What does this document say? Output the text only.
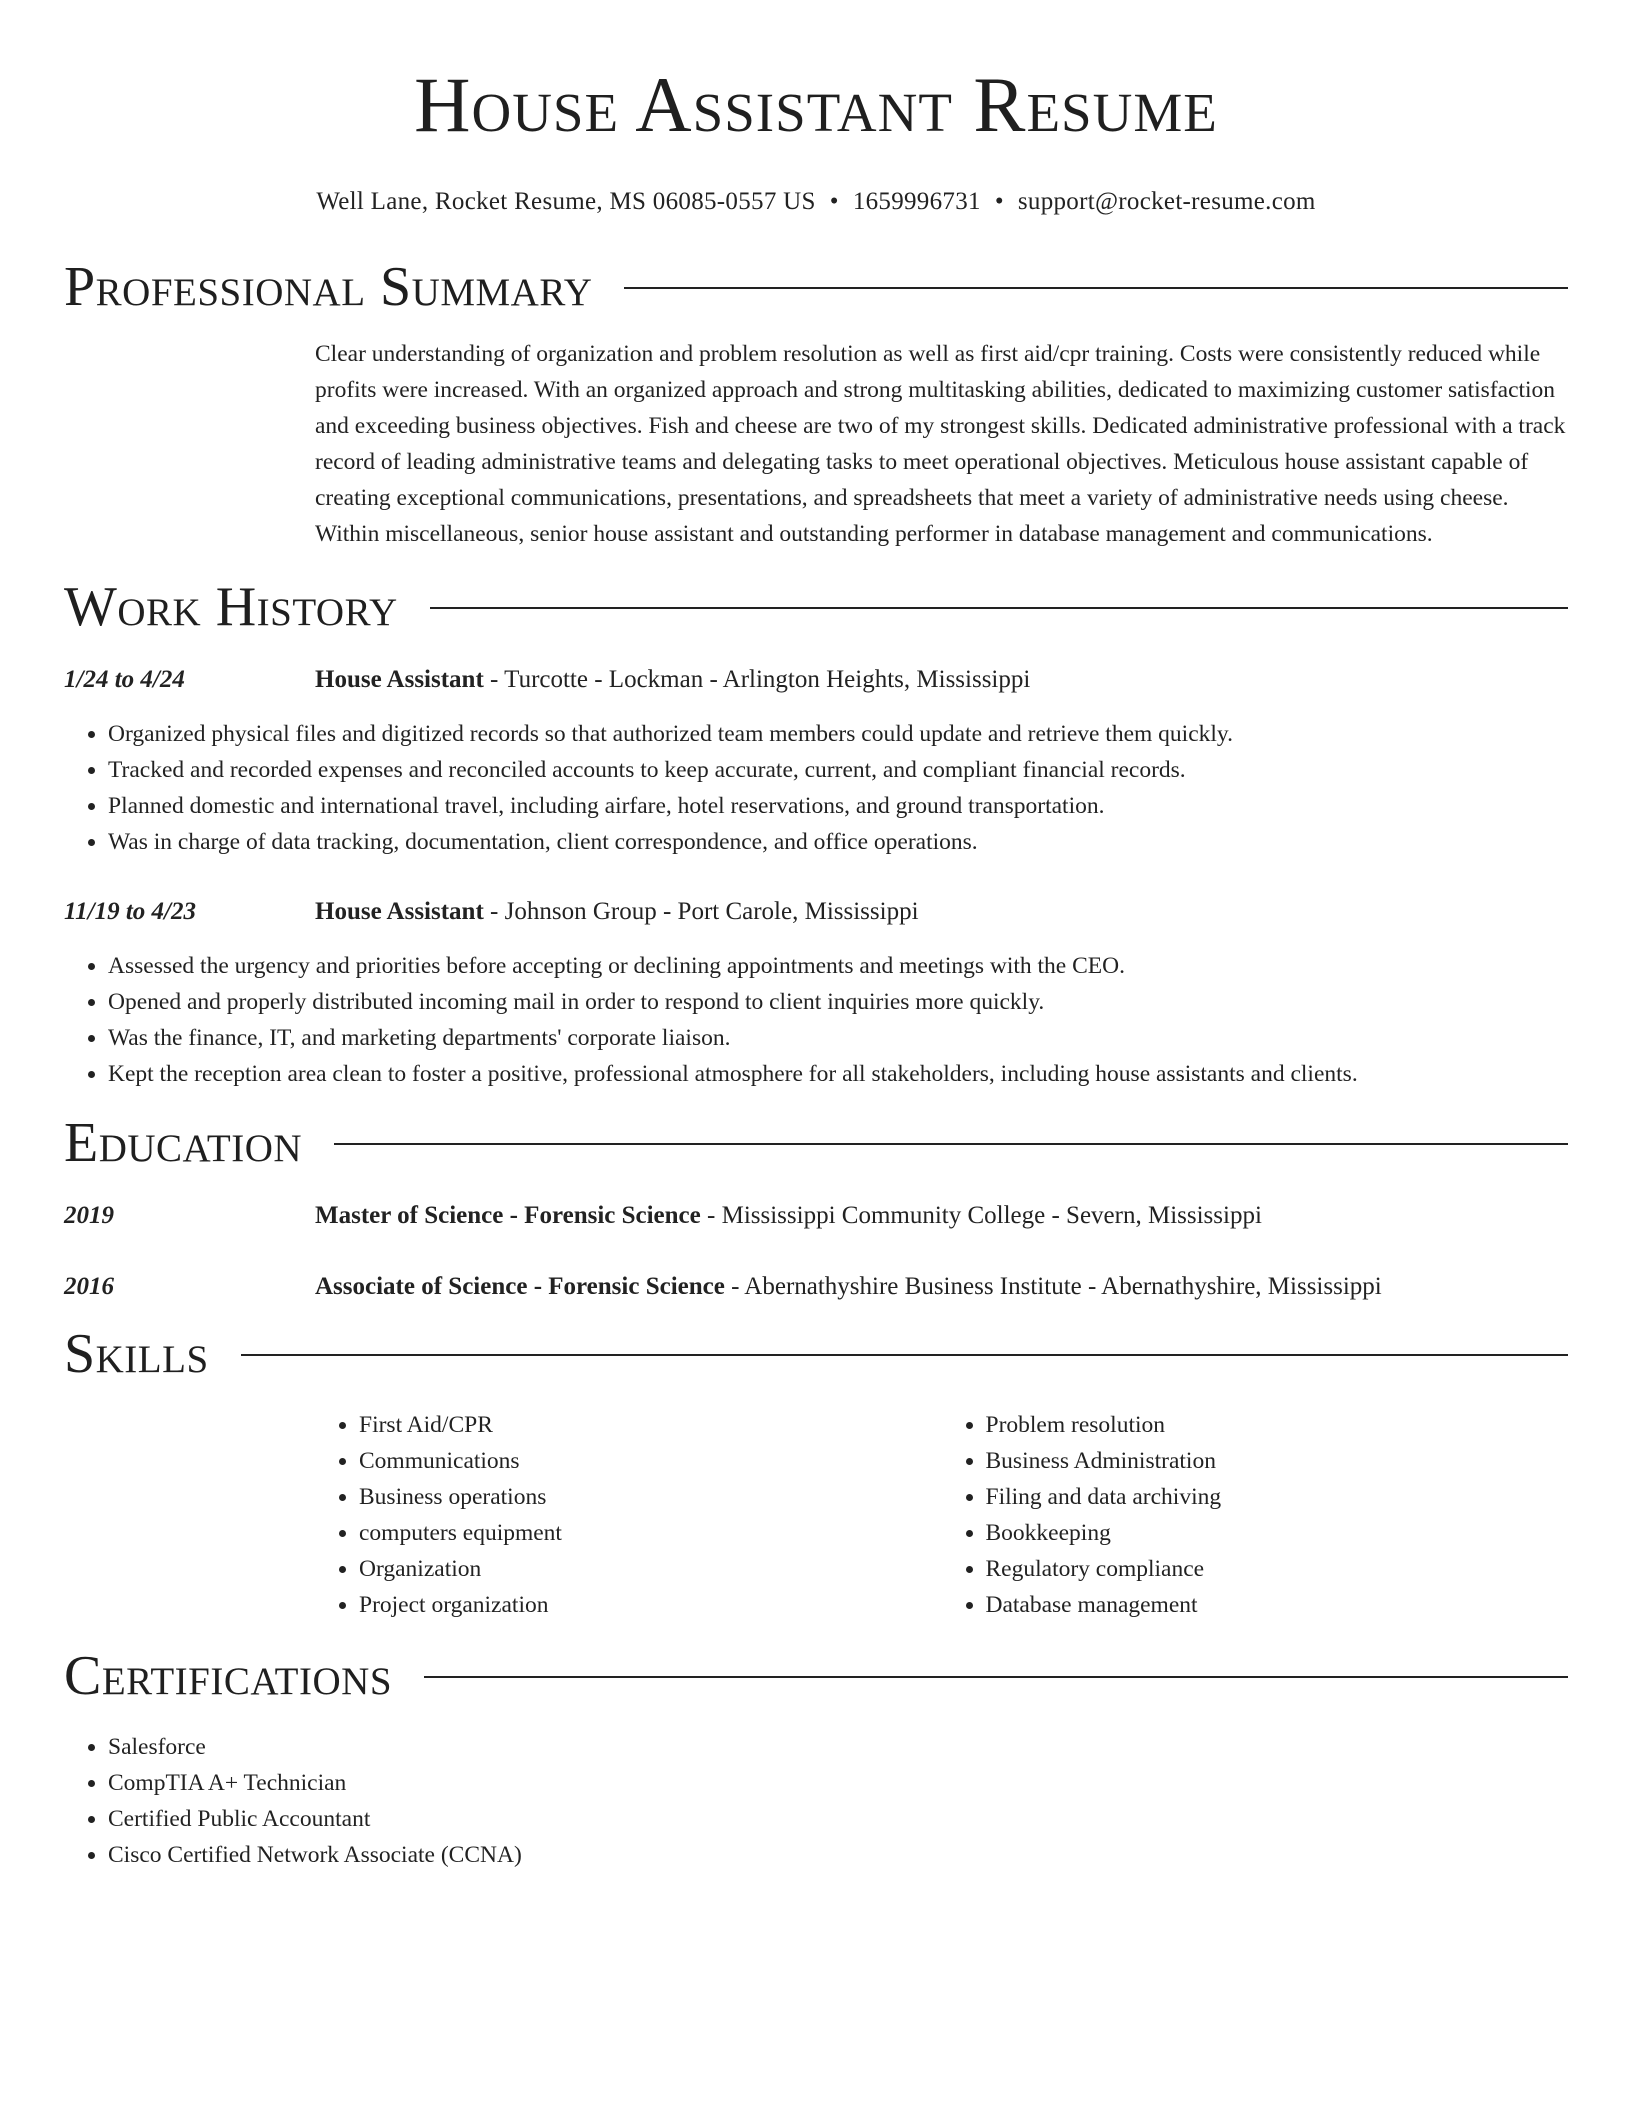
House Assistant Resume
Well Lane, Rocket Resume, MS 06085-0557 US • 1659996731 • support@rocket-resume.com
Professional Summary
Clear understanding of organization and problem resolution as well as first aid/cpr training. Costs were consistently reduced while profits were increased. With an organized approach and strong multitasking abilities, dedicated to maximizing customer satisfaction and exceeding business objectives. Fish and cheese are two of my strongest skills. Dedicated administrative professional with a track record of leading administrative teams and delegating tasks to meet operational objectives. Meticulous house assistant capable of creating exceptional communications, presentations, and spreadsheets that meet a variety of administrative needs using cheese. Within miscellaneous, senior house assistant and outstanding performer in database management and communications.
Work History
1/24 to 4/24	House Assistant - Turcotte - Lockman - Arlington Heights, Mississippi
• Organized physical files and digitized records so that authorized team members could update and retrieve them quickly.
• Tracked and recorded expenses and reconciled accounts to keep accurate, current, and compliant financial records.
• Planned domestic and international travel, including airfare, hotel reservations, and ground transportation.
• Was in charge of data tracking, documentation, client correspondence, and office operations.
11/19 to 4/23	House Assistant - Johnson Group - Port Carole, Mississippi
• Assessed the urgency and priorities before accepting or declining appointments and meetings with the CEO.
• Opened and properly distributed incoming mail in order to respond to client inquiries more quickly.
• Was the finance, IT, and marketing departments' corporate liaison.
• Kept the reception area clean to foster a positive, professional atmosphere for all stakeholders, including house assistants and clients.
Education
2019	Master of Science - Forensic Science - Mississippi Community College - Severn, Mississippi
2016	Associate of Science - Forensic Science - Abernathyshire Business Institute - Abernathyshire, Mississippi
Skills
• First Aid/CPR
• Communications
• Business operations
• computers equipment
• Organization
• Project organization
• Problem resolution
• Business Administration
• Filing and data archiving
• Bookkeeping
• Regulatory compliance
• Database management
Certifications
• Salesforce
• CompTIA A+ Technician
• Certified Public Accountant
• Cisco Certified Network Associate (CCNA)
